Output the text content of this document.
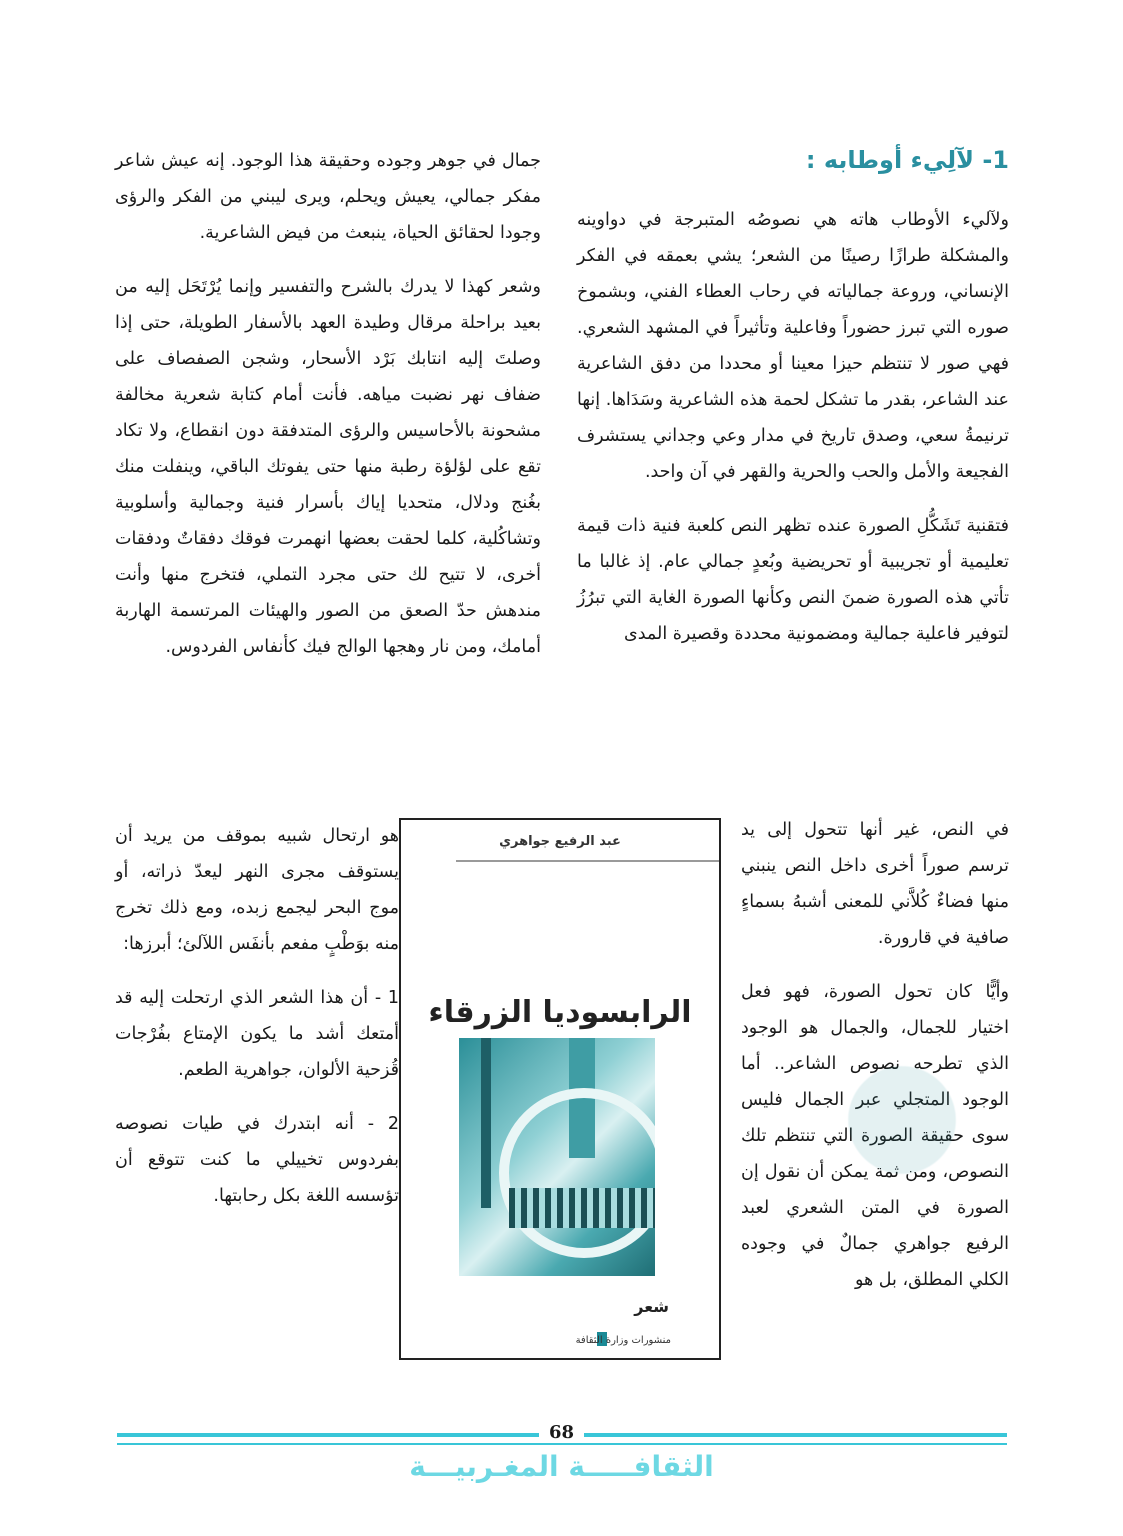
1- لآلِيء أوطابه :

ولآليء الأوطاب هاته هي نصوصُه المتبرجة في دواوينه والمشكلة طرازًا رصينًا من الشعر؛ يشي بعمقه في الفكر الإنساني، وروعة جمالياته في رحاب العطاء الفني، وبشموخ صوره التي تبرز حضوراً وفاعلية وتأثيراً في المشهد الشعري. فهي صور لا تنتظم حيزا معينا أو محددا من دفق الشاعرية عند الشاعر، بقدر ما تشكل لحمة هذه الشاعرية وسَدَاها. إنها ترنيمةُ سعي، وصدق تاريخ في مدار وعي وجداني يستشرف الفجيعة والأمل والحب والحرية والقهر في آن واحد.

فتقنية تَشَكُّلِ الصورة عنده تظهر النص كلعبة فنية ذات قيمة تعليمية أو تجريبية أو تحريضية وبُعدٍ جمالي عام. إذ غالبا ما تأتي هذه الصورة ضمنَ النص وكأنها الصورة الغاية التي تبرُزُ لتوفير فاعلية جمالية ومضمونية محددة وقصيرة المدى

في النص، غير أنها تتحول إلى يد ترسم صوراً أخرى داخل النص ينبني منها فضاءٌ كُلاَّني للمعنى أشبهُ بسماءٍ صافية في قارورة.

وأيًّا كان تحول الصورة، فهو فعل اختيار للجمال، والجمال هو الوجود الذي تطرحه نصوص الشاعر.. أما الوجود المتجلي عبر الجمال فليس سوى حقيقة الصورة التي تنتظم تلك النصوص، ومن ثمة يمكن أن نقول إن الصورة في المتن الشعري لعبد الرفيع جواهري جمالٌ في وجوده الكلي المطلق، بل هو

جمال في جوهر وجوده وحقيقة هذا الوجود. إنه عيش شاعر مفكر جمالي، يعيش ويحلم، ويرى ليبني من الفكر والرؤى وجودا لحقائق الحياة، ينبعث من فيض الشاعرية.

وشعر كهذا لا يدرك بالشرح والتفسير وإنما يُرْتَحَل إليه من بعيد براحلة مرقال وطيدة العهد بالأسفار الطويلة، حتى إذا وصلتَ إليه انتابك بَرْد الأسحار، وشجن الصفصاف على ضفاف نهر نضبت مياهه. فأنت أمام كتابة شعرية مخالفة مشحونة بالأحاسيس والرؤى المتدفقة دون انقطاع، ولا تكاد تقع على لؤلؤة رطبة منها حتى يفوتك الباقي، وينفلت منك بغُنج ودلال، متحديا إياك بأسرار فنية وجمالية وأسلوبية وتشاكُلية، كلما لحقت بعضها انهمرت فوقك دفقاتٌ ودفقات أخرى، لا تتيح لك حتى مجرد التملي، فتخرج منها وأنت مندهش حدّ الصعق من الصور والهيئات المرتسمة الهاربة أمامك، ومن نار وهجها الوالج فيك كأنفاس الفردوس.

هو ارتحال شبيه بموقف من يريد أن يستوقف مجرى النهر ليعدّ ذراته، أو موج البحر ليجمع زبده، ومع ذلك تخرج منه بوَطْبٍ مفعم بأنفَس اللآلئ؛ أبرزها:

1 - أن هذا الشعر الذي ارتحلت إليه قد أمتعك أشد ما يكون الإمتاع بفُرْجات قُزحية الألوان، جواهرية الطعم.

2 - أنه ابتدرك في طيات نصوصه بفردوس تخييلي ما كنت تتوقع أن تؤسسه اللغة بكل رحابتها.

عبد الرفيع جواهري
الرابسوديا الزرقاء
شعر
منشورات وزارة الثقافة
68
الثقافـــــة المغـربيـــة
